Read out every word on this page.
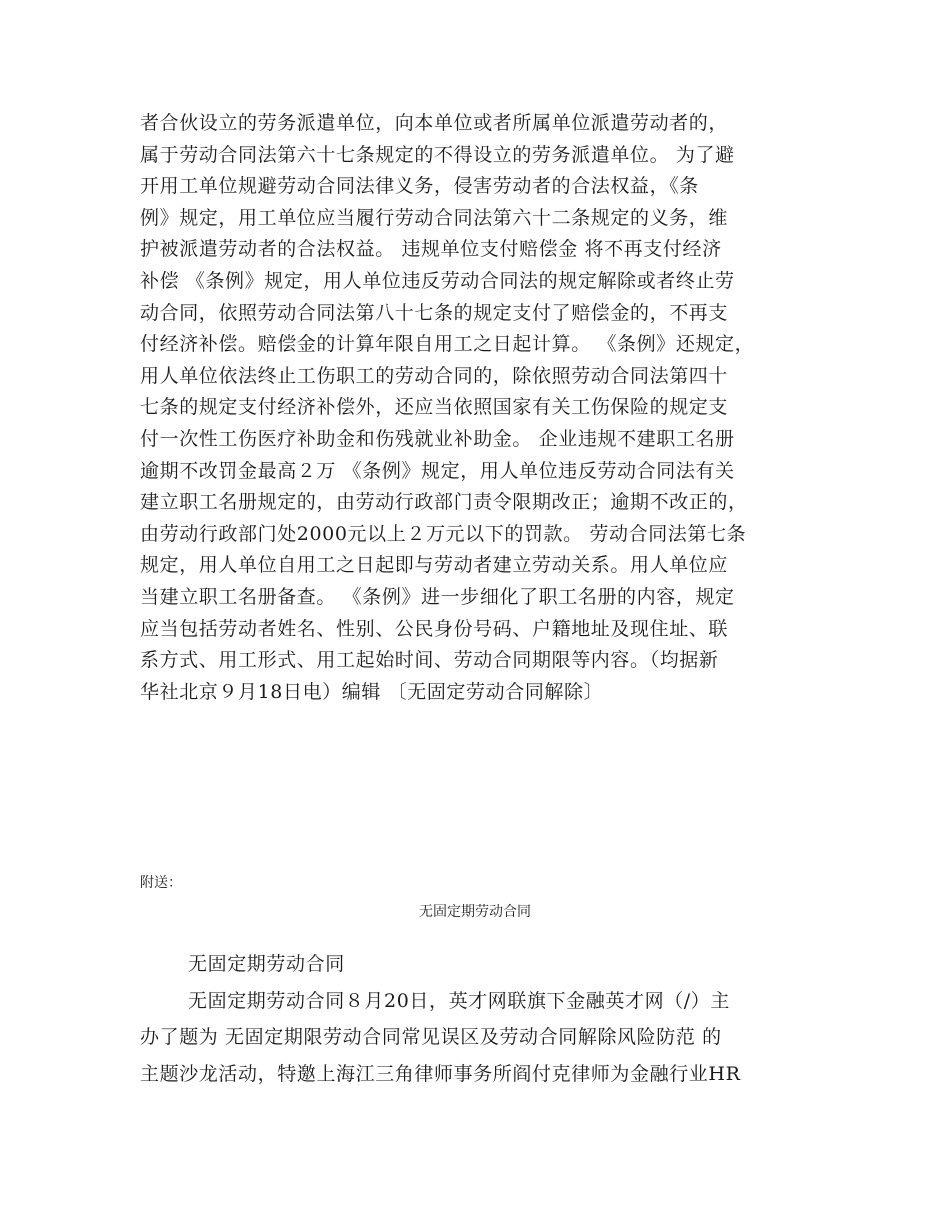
者合伙设立的劳务派遣单位，向本单位或者所属单位派遣劳动者的，
属于劳动合同法第六十七条规定的不得设立的劳务派遣单位。 为了避
开用工单位规避劳动合同法律义务，侵害劳动者的合法权益，《条
例》规定，用工单位应当履行劳动合同法第六十二条规定的义务，维
护被派遣劳动者的合法权益。 违规单位支付赔偿金 将不再支付经济
补偿 《条例》规定，用人单位违反劳动合同法的规定解除或者终止劳
动合同，依照劳动合同法第八十七条的规定支付了赔偿金的，不再支
付经济补偿。赔偿金的计算年限自用工之日起计算。 《条例》还规定，
用人单位依法终止工伤职工的劳动合同的，除依照劳动合同法第四十
七条的规定支付经济补偿外，还应当依照国家有关工伤保险的规定支
付一次性工伤医疗补助金和伤残就业补助金。 企业违规不建职工名册
逾期不改罚金最高２万 《条例》规定，用人单位违反劳动合同法有关
建立职工名册规定的，由劳动行政部门责令限期改正；逾期不改正的，
由劳动行政部门处2000元以上２万元以下的罚款。 劳动合同法第七条
规定，用人单位自用工之日起即与劳动者建立劳动关系。用人单位应
当建立职工名册备查。 《条例》进一步细化了职工名册的内容，规定
应当包括劳动者姓名、性别、公民身份号码、户籍地址及现住址、联
系方式、用工形式、用工起始时间、劳动合同期限等内容。（均据新
华社北京９月18日电）编辑 〔无固定劳动合同解除〕
附送：
无固定期劳动合同
无固定期劳动合同
无固定期劳动合同８月20日，英才网联旗下金融英才网（/）主
办了题为 无固定期限劳动合同常见误区及劳动合同解除风险防范 的
主题沙龙活动，特邀上海江三角律师事务所阎付克律师为金融行业HR
